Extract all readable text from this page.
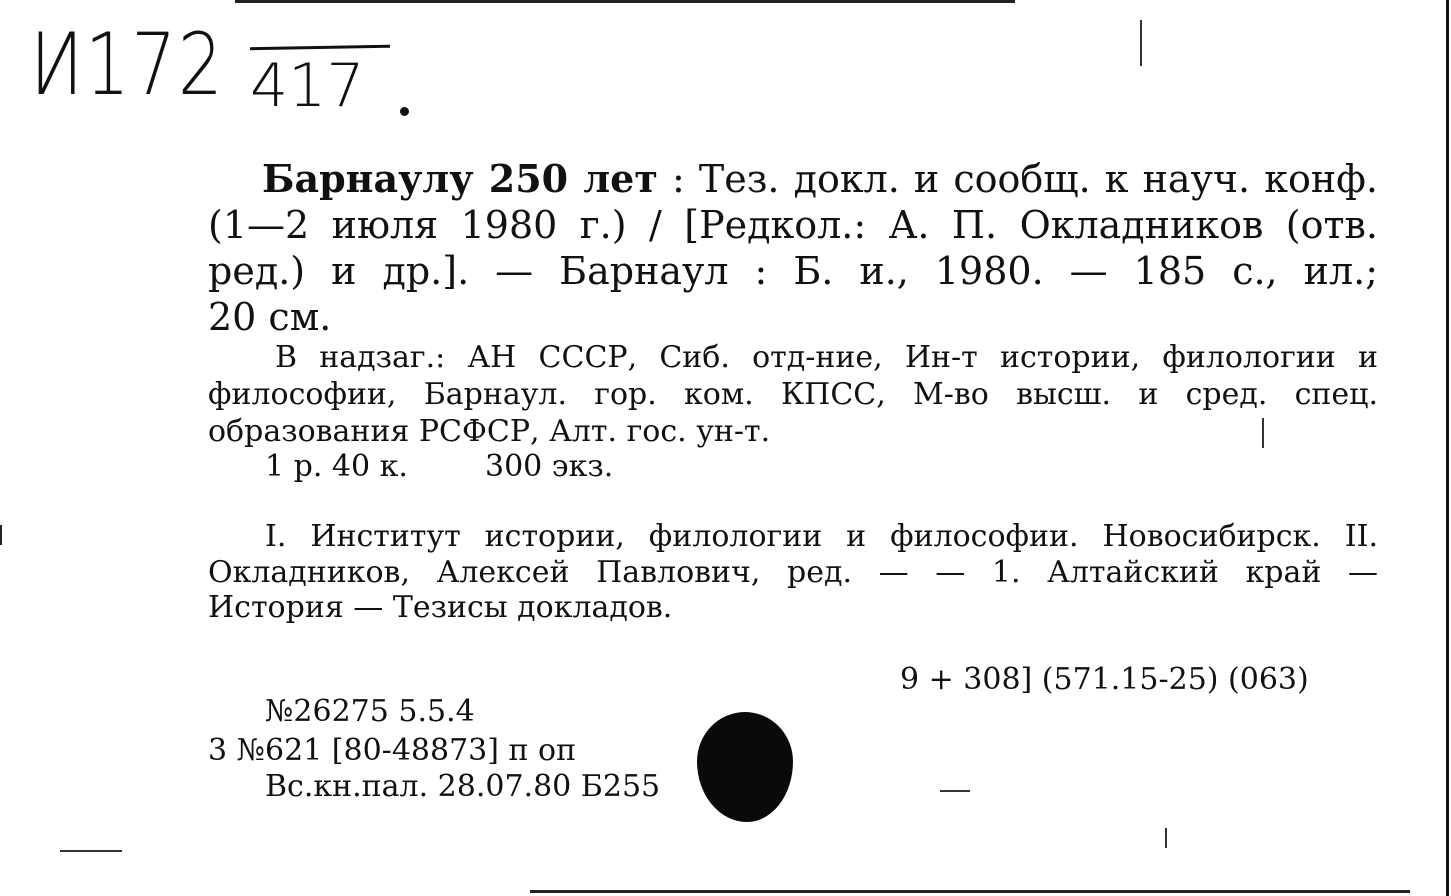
И172 417
Барнаулу 250 лет : Тез. докл. и сообщ. к науч. конф.
(1—2 июля 1980 г.) / [Редкол.: А. П. Окладников (отв.
ред.) и др.]. — Барнаул : Б. и., 1980. — 185 с., ил.;
20 см.
В надзаг.: АН СССР, Сиб. отд-ние, Ин-т истории, филологии и
философии, Барнаул. гор. ком. КПСС, М-во высш. и сред. спец.
образования РСФСР, Алт. гос. ун-т.
1 р. 40 к.	300 экз.
I. Институт истории, филологии и философии. Новосибирск. II.
Окладников, Алексей Павлович, ред. — — 1. Алтайский край —
История — Тезисы докладов.
9 + 308] (571.15-25) (063)
№26275 5.5.4
3 №621 [80-48873] п оп
Вс.кн.пал. 28.07.80 Б255
